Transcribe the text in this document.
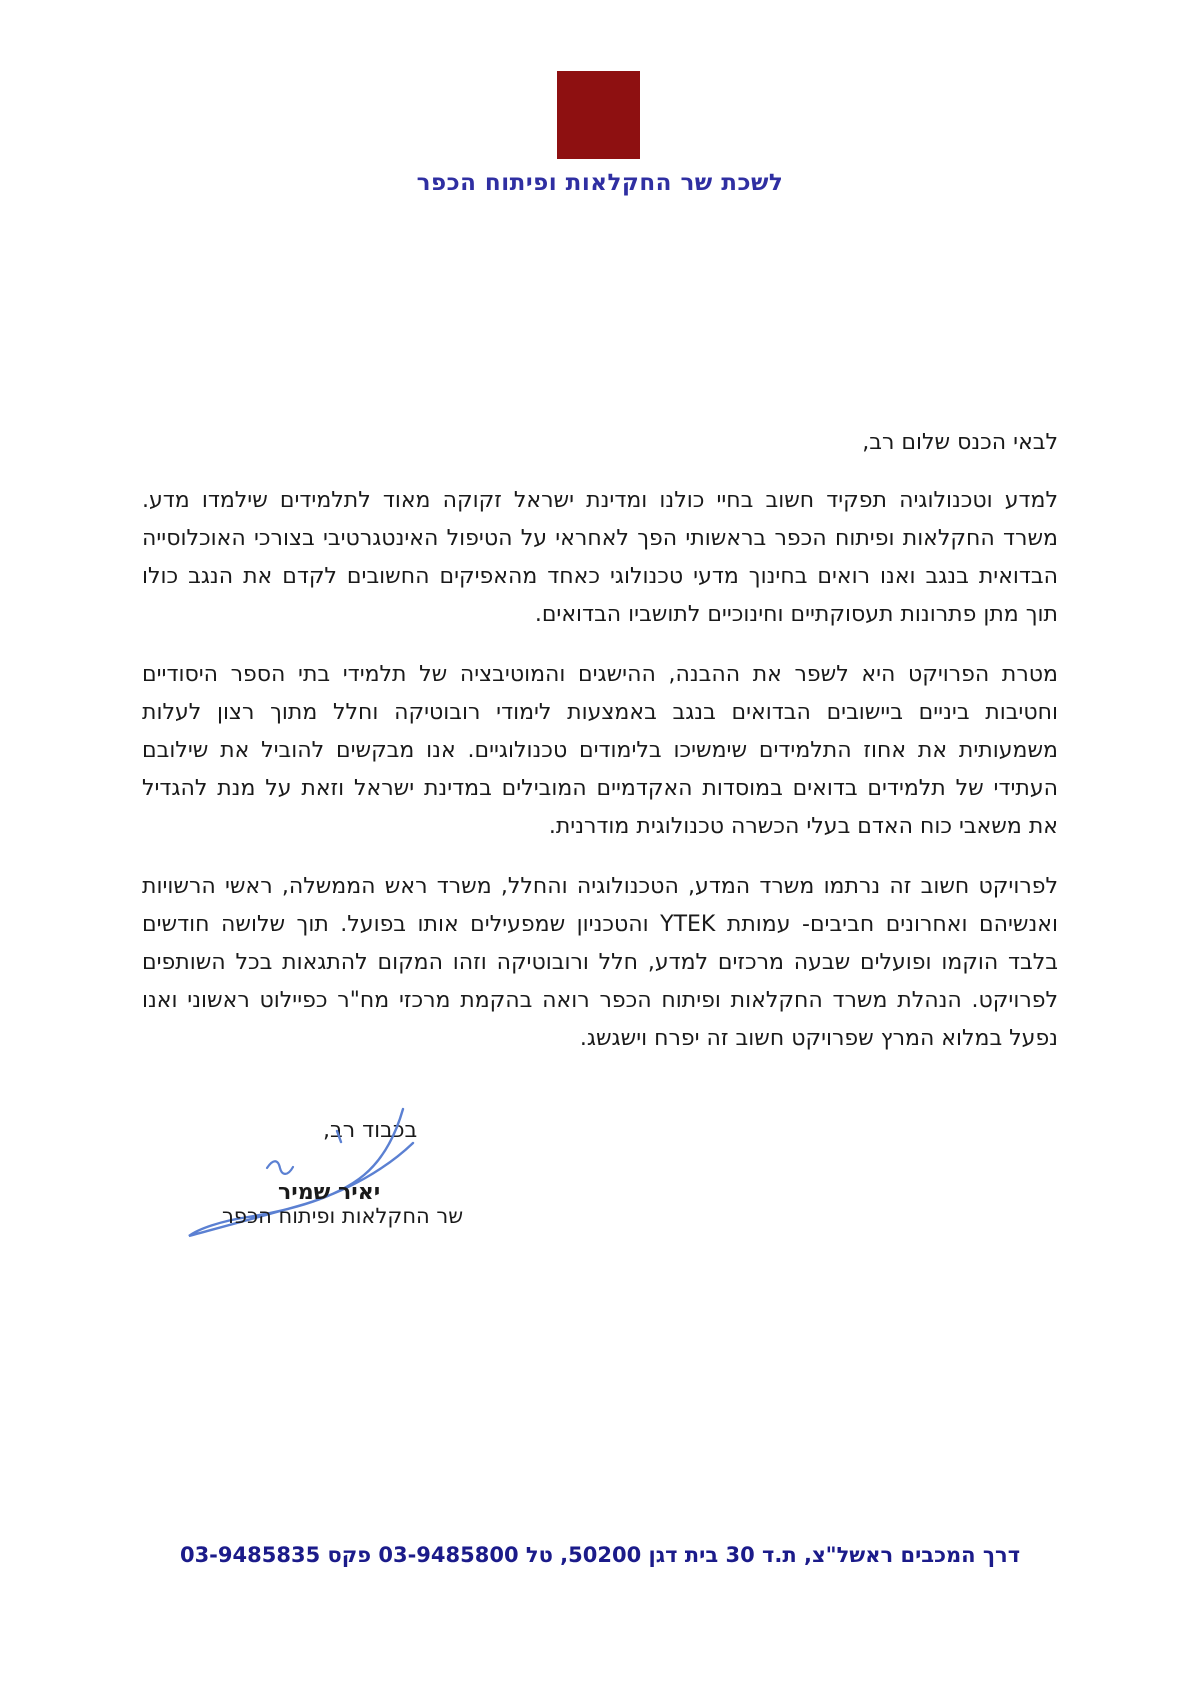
לשכת שר החקלאות ופיתוח הכפר

לבאי הכנס שלום רב,

למדע וטכנולוגיה תפקיד חשוב בחיי כולנו ומדינת ישראל זקוקה מאוד לתלמידים שילמדו מדע. משרד החקלאות ופיתוח הכפר בראשותי הפך לאחראי על הטיפול האינטגרטיבי בצורכי האוכלוסייה הבדואית בנגב ואנו רואים בחינוך מדעי טכנולוגי כאחד מהאפיקים החשובים לקדם את הנגב כולו תוך מתן פתרונות תעסוקתיים וחינוכיים לתושביו הבדואים.

מטרת הפרויקט היא לשפר את ההבנה, ההישגים והמוטיבציה של תלמידי בתי הספר היסודיים וחטיבות ביניים ביישובים הבדואים בנגב באמצעות לימודי רובוטיקה וחלל מתוך רצון לעלות משמעותית את אחוז התלמידים שימשיכו בלימודים טכנולוגיים. אנו מבקשים להוביל את שילובם העתידי של תלמידים בדואים במוסדות האקדמיים המובילים במדינת ישראל וזאת על מנת להגדיל את משאבי כוח האדם בעלי הכשרה טכנולוגית מודרנית.

לפרויקט חשוב זה נרתמו משרד המדע, הטכנולוגיה והחלל, משרד ראש הממשלה, ראשי הרשויות ואנשיהם ואחרונים חביבים- עמותת YTEK והטכניון שמפעילים אותו בפועל. תוך שלושה חודשים בלבד הוקמו ופועלים שבעה מרכזים למדע, חלל ורובוטיקה וזהו המקום להתגאות בכל השותפים לפרויקט. הנהלת משרד החקלאות ופיתוח הכפר רואה בהקמת מרכזי מח"ר כפיילוט ראשוני ואנו נפעל במלוא המרץ שפרויקט חשוב זה יפרח וישגשג.

בכבוד רב,
יאיר שמיר
שר החקלאות ופיתוח הכפר
דרך המכבים ראשל"צ, ת.ד 30 בית דגן 50200, טל 03-9485800 פקס 03-9485835
